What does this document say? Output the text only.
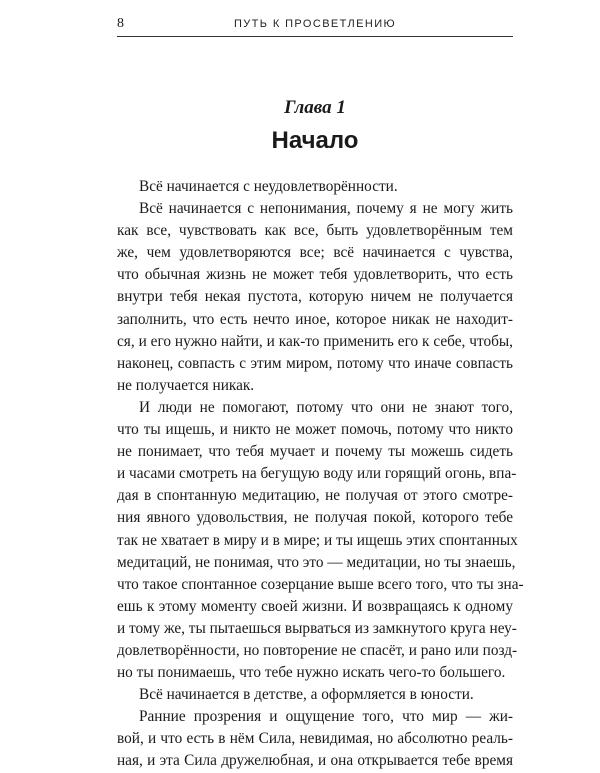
8	ПУТЬ К ПРОСВЕТЛЕНИЮ
Глава 1
Начало
Всё начинается с неудовлетворённости.
Всё начинается с непонимания, почему я не могу жить
как все, чувствовать как все, быть удовлетворённым тем
же, чем удовлетворяются все; всё начинается с чувства,
что обычная жизнь не может тебя удовлетворить, что есть
внутри тебя некая пустота, которую ничем не получается
заполнить, что есть нечто иное, которое никак не находит-
ся, и его нужно найти, и как-то применить его к себе, чтобы,
наконец, совпасть с этим миром, потому что иначе совпасть
не получается никак.
И люди не помогают, потому что они не знают того,
что ты ищешь, и никто не может помочь, потому что никто
не понимает, что тебя мучает и почему ты можешь сидеть
и часами смотреть на бегущую воду или горящий огонь, впа-
дая в спонтанную медитацию, не получая от этого смотре-
ния явного удовольствия, не получая покой, которого тебе
так не хватает в миру и в мире; и ты ищешь этих спонтанных
медитаций, не понимая, что это — медитации, но ты знаешь,
что такое спонтанное созерцание выше всего того, что ты зна-
ешь к этому моменту своей жизни. И возвращаясь к одному
и тому же, ты пытаешься вырваться из замкнутого круга неу-
довлетворённости, но повторение не спасёт, и рано или позд-
но ты понимаешь, что тебе нужно искать чего-то большего.
Всё начинается в детстве, а оформляется в юности.
Ранние прозрения и ощущение того, что мир — жи-
вой, и что есть в нём Сила, невидимая, но абсолютно реаль-
ная, и эта Сила дружелюбная, и она открывается тебе время
